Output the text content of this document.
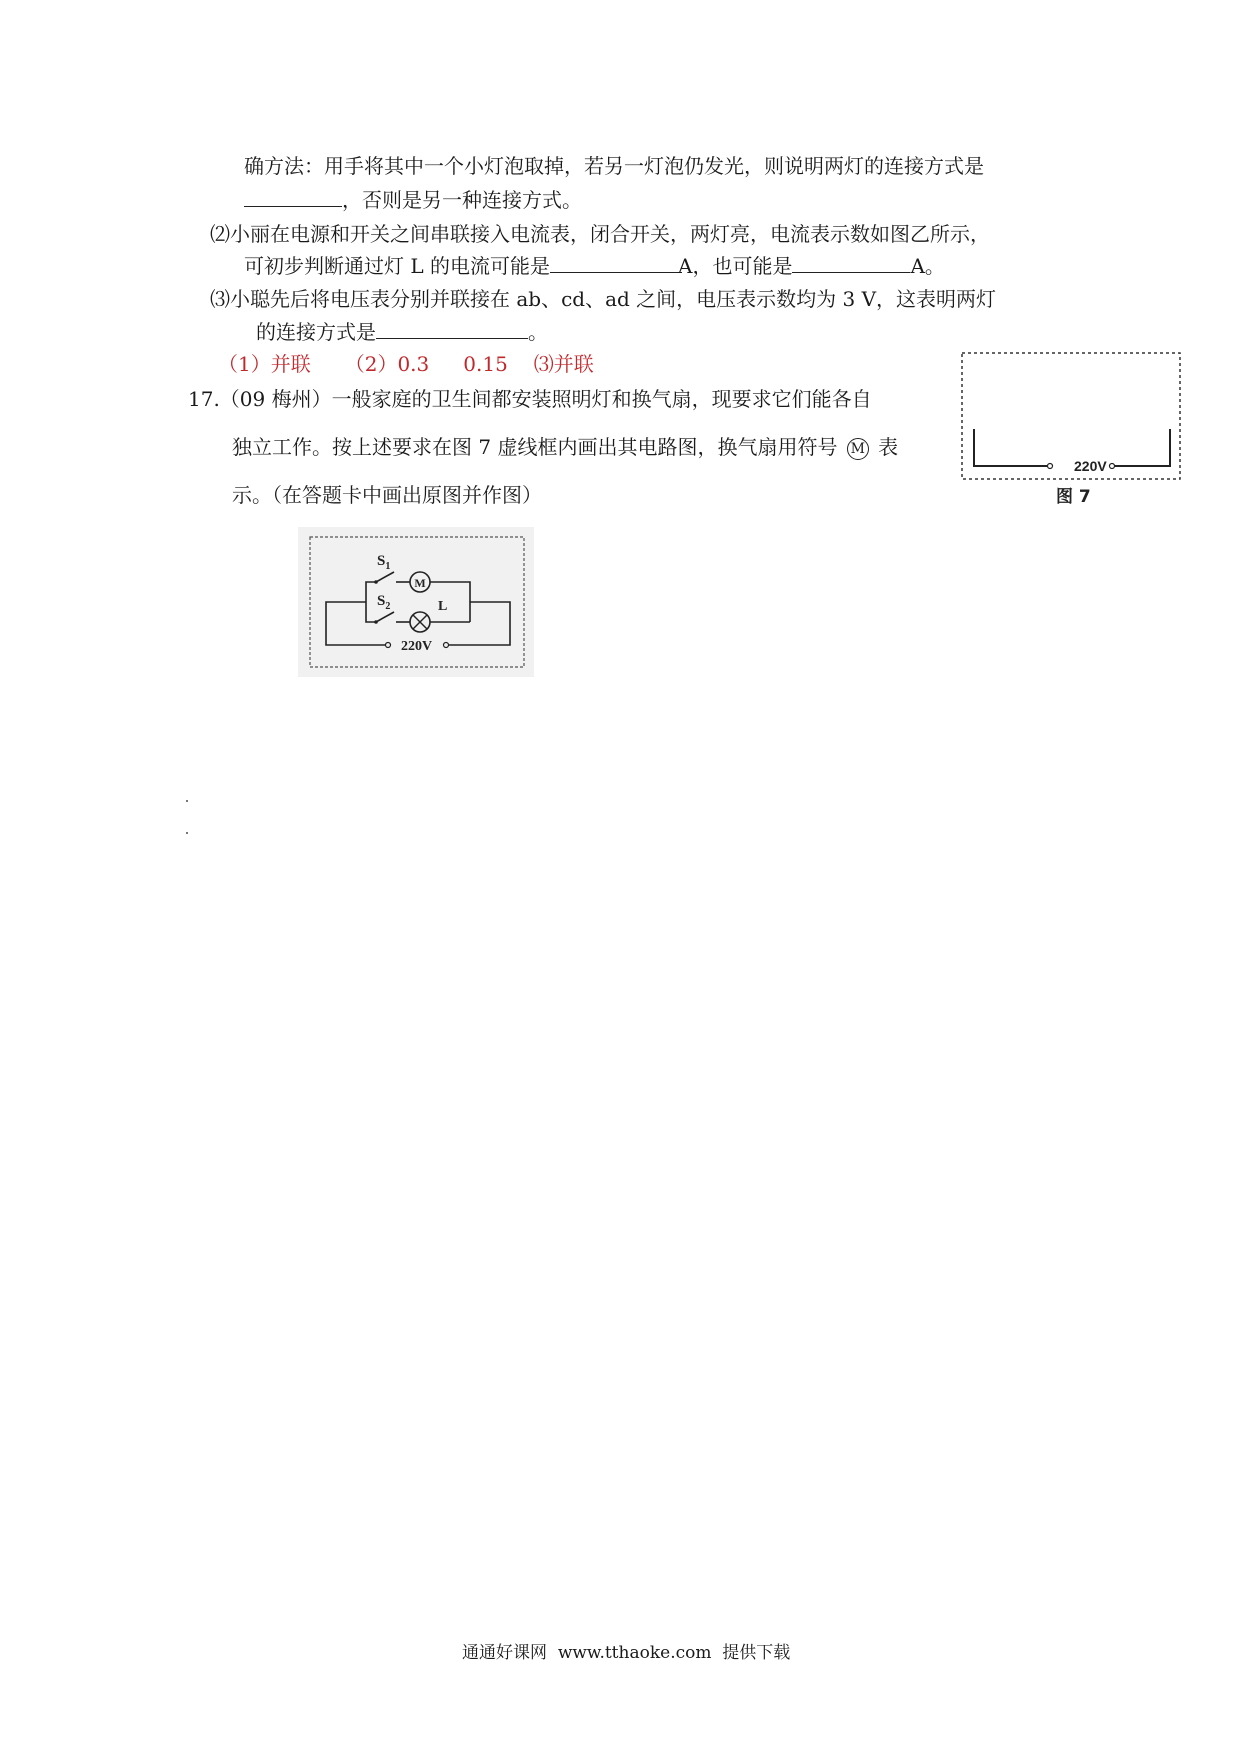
确方法：用手将其中一个小灯泡取掉，若另一灯泡仍发光，则说明两灯的连接方式是
，否则是另一种连接方式。
⑵小丽在电源和开关之间串联接入电流表，闭合开关，两灯亮，电流表示数如图乙所示，
可初步判断通过灯 L 的电流可能是	A，也可能是	A。
⑶小聪先后将电压表分别并联接在 ab、cd、ad 之间，电压表示数均为 3 V，这表明两灯
的连接方式是	。
（1）并联 （2）0.3 0.15 ⑶并联
17.（09 梅州）一般家庭的卫生间都安装照明灯和换气扇，现要求它们能各自
独立工作。按上述要求在图 7 虚线框内画出其电路图，换气扇用符号 M 表
示。（在答题卡中画出原图并作图）
220V
图 7
$S_1$
M
$S_2$	L
220V
通通好课网 www.tthaoke.com 提供下载
